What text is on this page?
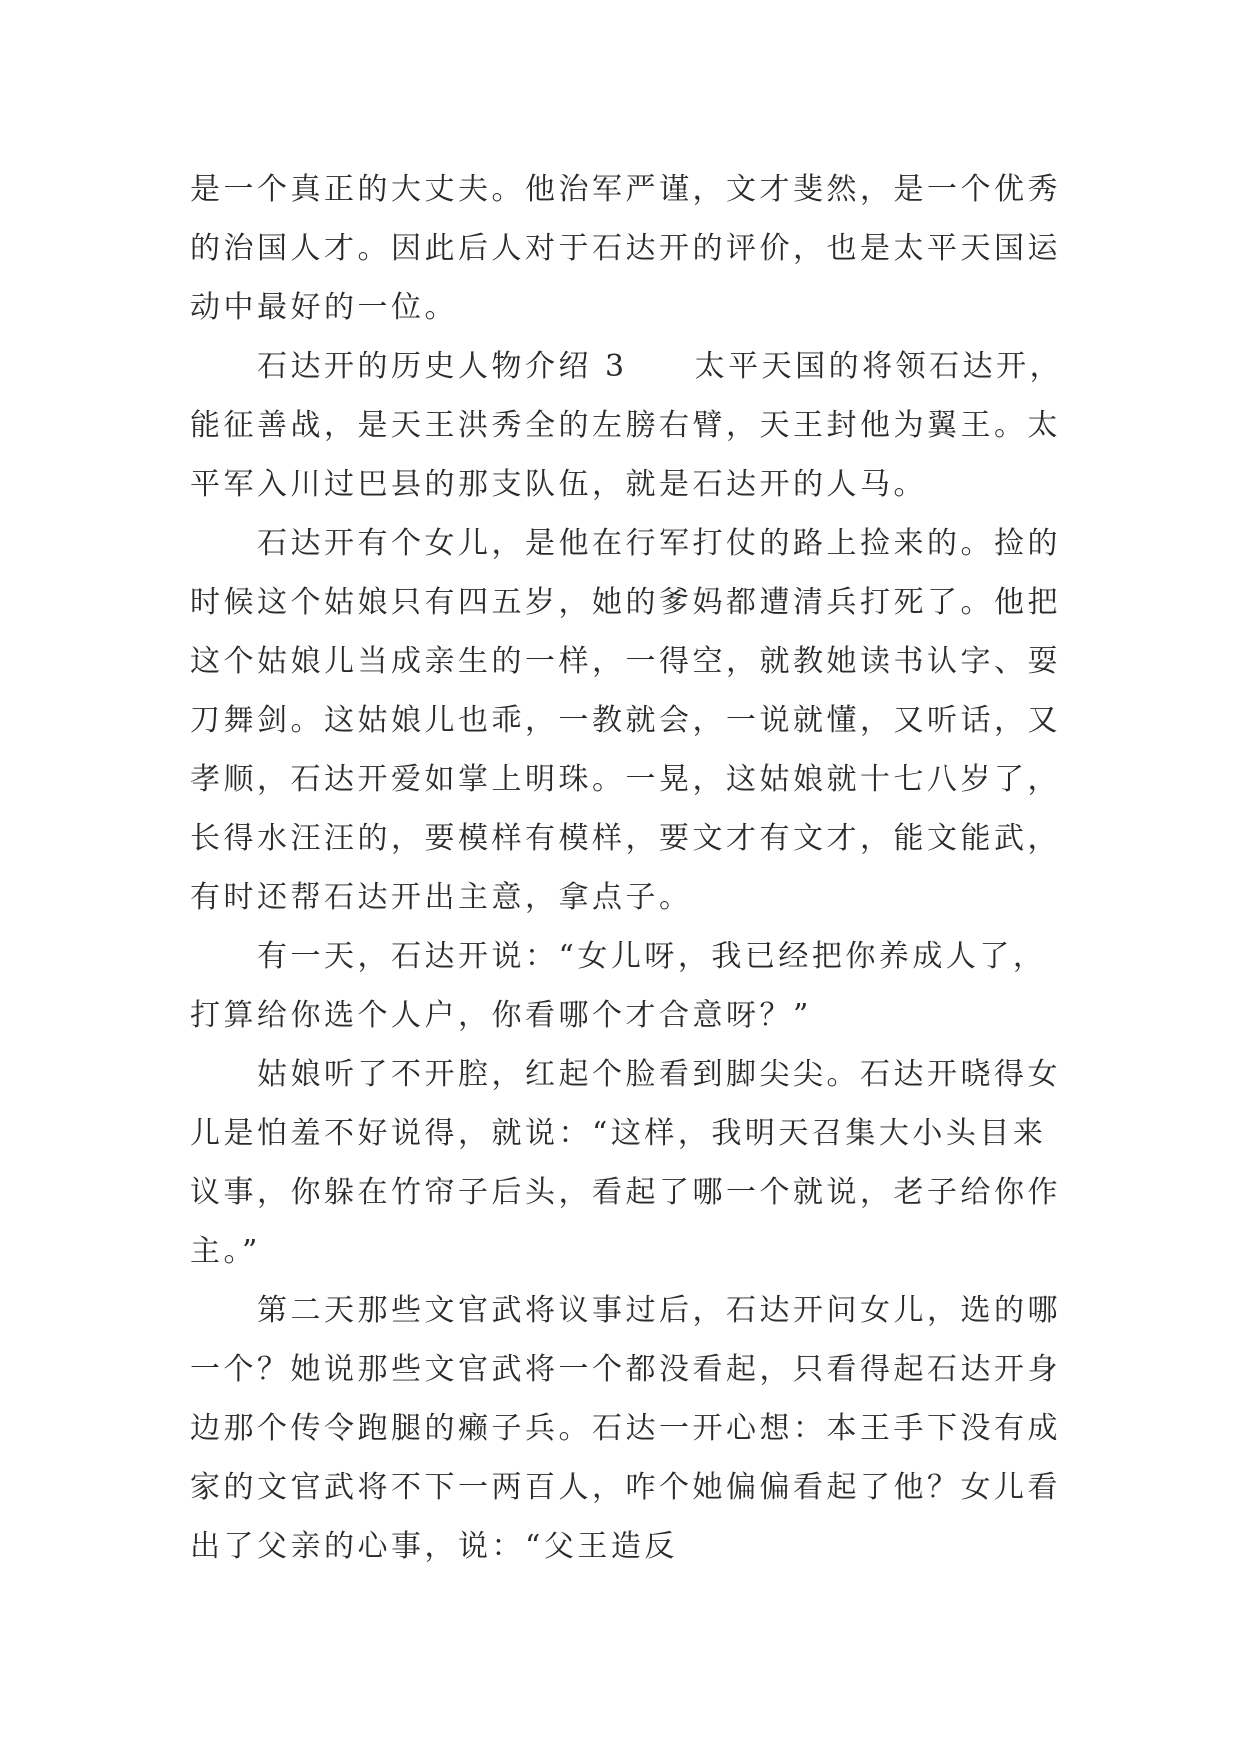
是一个真正的大丈夫。他治军严谨，文才斐然，是一个优秀
的治国人才。因此后人对于石达开的评价，也是太平天国运
动中最好的一位。
　　石达开的历史人物介绍 3　　太平天国的将领石达开，
能征善战，是天王洪秀全的左膀右臂，天王封他为翼王。太
平军入川过巴县的那支队伍，就是石达开的人马。
　　石达开有个女儿，是他在行军打仗的路上捡来的。捡的
时候这个姑娘只有四五岁，她的爹妈都遭清兵打死了。他把
这个姑娘儿当成亲生的一样，一得空，就教她读书认字、耍
刀舞剑。这姑娘儿也乖，一教就会，一说就懂，又听话，又
孝顺，石达开爱如掌上明珠。一晃，这姑娘就十七八岁了，
长得水汪汪的，要模样有模样，要文才有文才，能文能武，
有时还帮石达开出主意，拿点子。
　　有一天，石达开说：“女儿呀，我已经把你养成人了，
打算给你选个人户，你看哪个才合意呀？”
　　姑娘听了不开腔，红起个脸看到脚尖尖。石达开晓得女
儿是怕羞不好说得，就说：“这样，我明天召集大小头目来
议事，你躲在竹帘子后头，看起了哪一个就说，老子给你作
主。”
　　第二天那些文官武将议事过后，石达开问女儿，选的哪
一个？她说那些文官武将一个都没看起，只看得起石达开身
边那个传令跑腿的癞子兵。石达一开心想：本王手下没有成
家的文官武将不下一两百人，咋个她偏偏看起了他？女儿看
出了父亲的心事，说：“父王造反
